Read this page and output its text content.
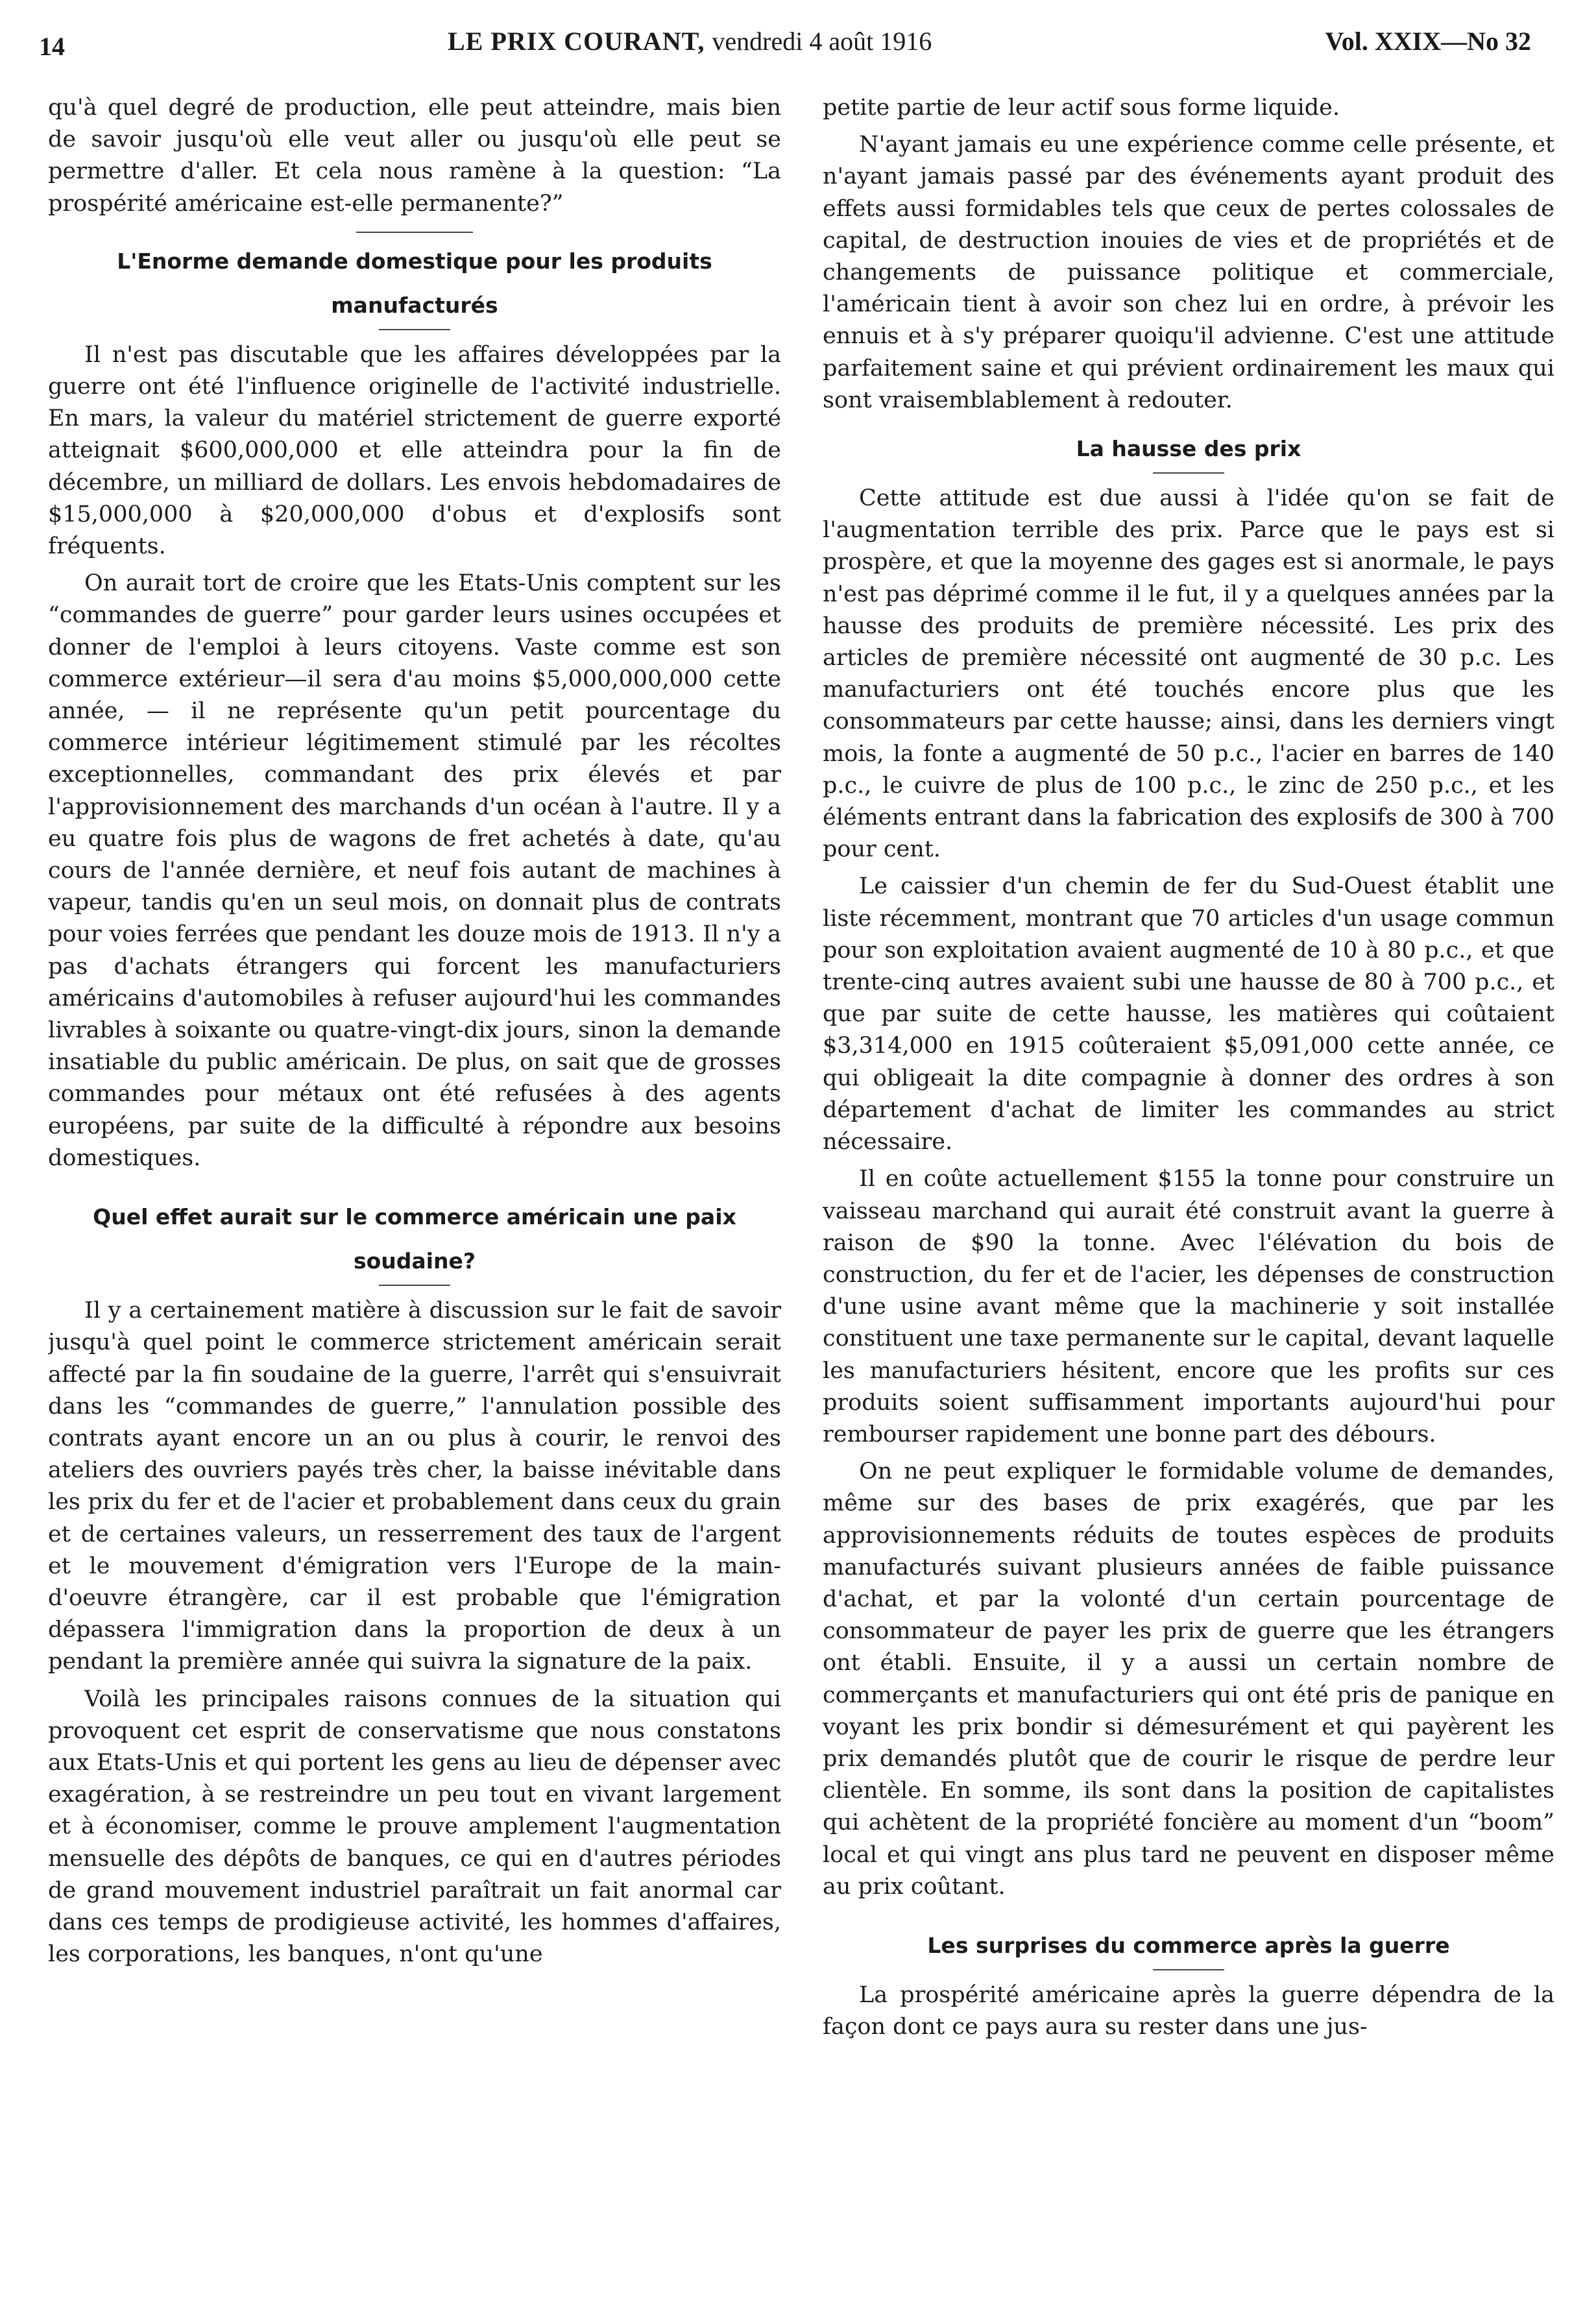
14	LE PRIX COURANT, vendredi 4 août 1916	Vol. XXIX—No 32

qu'à quel degré de production, elle peut atteindre, mais bien de savoir jusqu'où elle veut aller ou jusqu'où elle peut se permettre d'aller. Et cela nous ramène à la question: “La prospérité américaine est-elle permanente?”

L'Enorme demande domestique pour les produits

manufacturés

Il n'est pas discutable que les affaires développées par la guerre ont été l'influence originelle de l'activité industrielle. En mars, la valeur du matériel strictement de guerre exporté atteignait $600,000,000 et elle atteindra pour la fin de décembre, un milliard de dollars. Les envois hebdomadaires de $15,000,000 à $20,000,000 d'obus et d'explosifs sont fréquents.

On aurait tort de croire que les Etats-Unis comptent sur les “commandes de guerre” pour garder leurs usines occupées et donner de l'emploi à leurs citoyens. Vaste comme est son commerce extérieur—il sera d'au moins $5,000,000,000 cette année, — il ne représente qu'un petit pourcentage du commerce intérieur légitimement stimulé par les récoltes exceptionnelles, commandant des prix élevés et par l'approvisionnement des marchands d'un océan à l'autre. Il y a eu quatre fois plus de wagons de fret achetés à date, qu'au cours de l'année dernière, et neuf fois autant de machines à vapeur, tandis qu'en un seul mois, on donnait plus de contrats pour voies ferrées que pendant les douze mois de 1913. Il n'y a pas d'achats étrangers qui forcent les manufacturiers américains d'automobiles à refuser aujourd'hui les commandes livrables à soixante ou quatre-vingt-dix jours, sinon la demande insatiable du public américain. De plus, on sait que de grosses commandes pour métaux ont été refusées à des agents européens, par suite de la difficulté à répondre aux besoins domestiques.

Quel effet aurait sur le commerce américain une paix

soudaine?

Il y a certainement matière à discussion sur le fait de savoir jusqu'à quel point le commerce strictement américain serait affecté par la fin soudaine de la guerre, l'arrêt qui s'ensuivrait dans les “commandes de guerre,” l'annulation possible des contrats ayant encore un an ou plus à courir, le renvoi des ateliers des ouvriers payés très cher, la baisse inévitable dans les prix du fer et de l'acier et probablement dans ceux du grain et de certaines valeurs, un resserrement des taux de l'argent et le mouvement d'émigration vers l'Europe de la main-d'oeuvre étrangère, car il est probable que l'émigration dépassera l'immigration dans la proportion de deux à un pendant la première année qui suivra la signature de la paix.

Voilà les principales raisons connues de la situation qui provoquent cet esprit de conservatisme que nous constatons aux Etats-Unis et qui portent les gens au lieu de dépenser avec exagération, à se restreindre un peu tout en vivant largement et à économiser, comme le prouve amplement l'augmentation mensuelle des dépôts de banques, ce qui en d'autres périodes de grand mouvement industriel paraîtrait un fait anormal car dans ces temps de prodigieuse activité, les hommes d'affaires, les corporations, les banques, n'ont qu'une

petite partie de leur actif sous forme liquide.

N'ayant jamais eu une expérience comme celle présente, et n'ayant jamais passé par des événements ayant produit des effets aussi formidables tels que ceux de pertes colossales de capital, de destruction inouies de vies et de propriétés et de changements de puissance politique et commerciale, l'américain tient à avoir son chez lui en ordre, à prévoir les ennuis et à s'y préparer quoiqu'il advienne. C'est une attitude parfaitement saine et qui prévient ordinairement les maux qui sont vraisemblablement à redouter.

La hausse des prix

Cette attitude est due aussi à l'idée qu'on se fait de l'augmentation terrible des prix. Parce que le pays est si prospère, et que la moyenne des gages est si anormale, le pays n'est pas déprimé comme il le fut, il y a quelques années par la hausse des produits de première nécessité. Les prix des articles de première nécessité ont augmenté de 30 p.c. Les manufacturiers ont été touchés encore plus que les consommateurs par cette hausse; ainsi, dans les derniers vingt mois, la fonte a augmenté de 50 p.c., l'acier en barres de 140 p.c., le cuivre de plus de 100 p.c., le zinc de 250 p.c., et les éléments entrant dans la fabrication des explosifs de 300 à 700 pour cent.

Le caissier d'un chemin de fer du Sud-Ouest établit une liste récemment, montrant que 70 articles d'un usage commun pour son exploitation avaient augmenté de 10 à 80 p.c., et que trente-cinq autres avaient subi une hausse de 80 à 700 p.c., et que par suite de cette hausse, les matières qui coûtaient $3,314,000 en 1915 coûteraient $5,091,000 cette année, ce qui obligeait la dite compagnie à donner des ordres à son département d'achat de limiter les commandes au strict nécessaire.

Il en coûte actuellement $155 la tonne pour construire un vaisseau marchand qui aurait été construit avant la guerre à raison de $90 la tonne. Avec l'élévation du bois de construction, du fer et de l'acier, les dépenses de construction d'une usine avant même que la machinerie y soit installée constituent une taxe permanente sur le capital, devant laquelle les manufacturiers hésitent, encore que les profits sur ces produits soient suffisamment importants aujourd'hui pour rembourser rapidement une bonne part des débours.

On ne peut expliquer le formidable volume de demandes, même sur des bases de prix exagérés, que par les approvisionnements réduits de toutes espèces de produits manufacturés suivant plusieurs années de faible puissance d'achat, et par la volonté d'un certain pourcentage de consommateur de payer les prix de guerre que les étrangers ont établi. Ensuite, il y a aussi un certain nombre de commerçants et manufacturiers qui ont été pris de panique en voyant les prix bondir si démesurément et qui payèrent les prix demandés plutôt que de courir le risque de perdre leur clientèle. En somme, ils sont dans la position de capitalistes qui achètent de la propriété foncière au moment d'un “boom” local et qui vingt ans plus tard ne peuvent en disposer même au prix coûtant.

Les surprises du commerce après la guerre

La prospérité américaine après la guerre dépendra de la façon dont ce pays aura su rester dans une jus-
